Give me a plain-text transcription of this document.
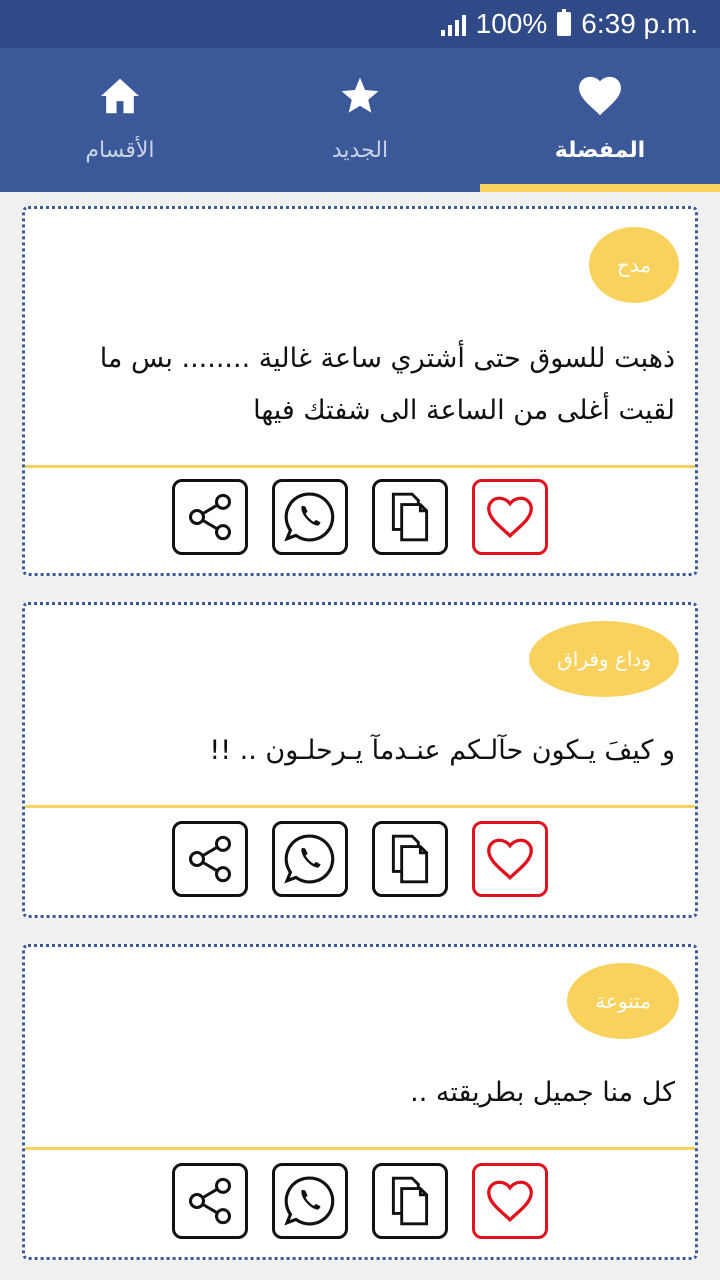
100% 6:39 p.m.
المفضلة
الجديد
الأقسام
مدح
ذهبت للسوق حتى أشتري ساعة غالية ........ بس ما لقيت أغلى من الساعة الى شفتك فيها
وداع وفراق
و كيفَ يـكون حآلـكم عنـدمآ يـرحلـون .. !!
متنوعة
كل منا جميل بطريقته ..
